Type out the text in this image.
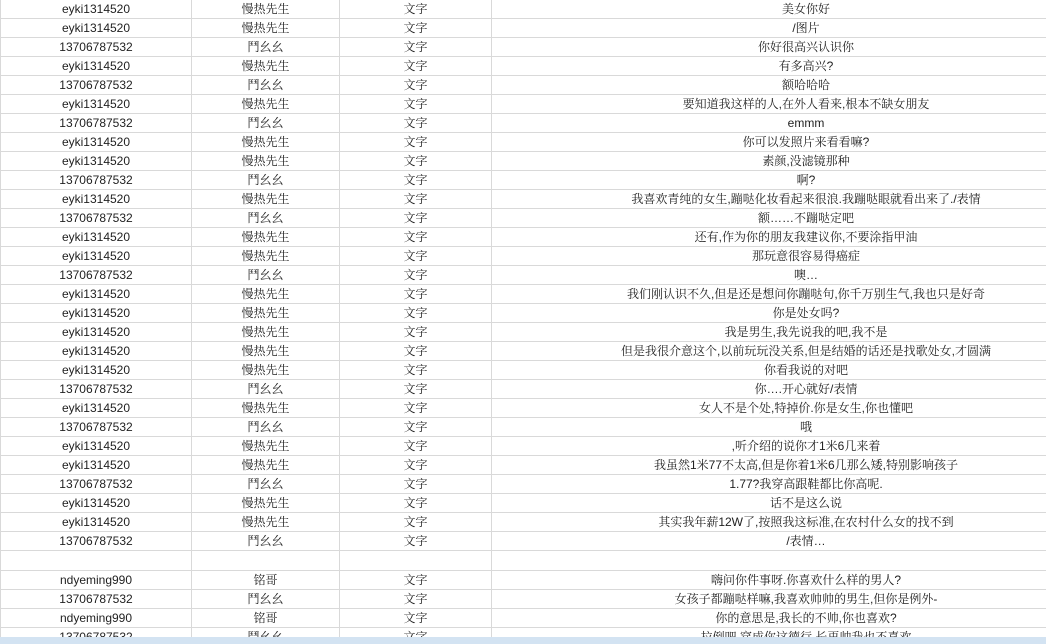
eyki1314520	慢热先生	文字	美女你好
eyki1314520	慢热先生	文字	/图片
13706787532	鬥幺幺	文字	你好很高兴认识你
eyki1314520	慢热先生	文字	有多高兴?
13706787532	鬥幺幺	文字	额哈哈哈
eyki1314520	慢热先生	文字	要知道我这样的人,在外人看来,根本不缺女朋友
13706787532	鬥幺幺	文字	emmm
eyki1314520	慢热先生	文字	你可以发照片来看看嘛?
eyki1314520	慢热先生	文字	素颜,没滤镜那种
13706787532	鬥幺幺	文字	啊?
eyki1314520	慢热先生	文字	我喜欢青纯的女生,蹦哒化妆看起来很浪.我蹦哒眼就看出来了./表情
13706787532	鬥幺幺	文字	额……不蹦哒定吧
eyki1314520	慢热先生	文字	还有,作为你的朋友我建议你,不要涂指甲油
eyki1314520	慢热先生	文字	那玩意很容易得癌症
13706787532	鬥幺幺	文字	噢…
eyki1314520	慢热先生	文字	我们刚认识不久,但是还是想问你蹦哒句,你千万别生气,我也只是好奇
eyki1314520	慢热先生	文字	你是处女吗?
eyki1314520	慢热先生	文字	我是男生,我先说我的吧,我不是
eyki1314520	慢热先生	文字	但是我很介意这个,以前玩玩没关系,但是结婚的话还是找歌处女,才圆满
eyki1314520	慢热先生	文字	你看我说的对吧
13706787532	鬥幺幺	文字	你….开心就好/表情
eyki1314520	慢热先生	文字	女人不是个处,特掉价.你是女生,你也懂吧
13706787532	鬥幺幺	文字	哦
eyki1314520	慢热先生	文字	,听介绍的说你才1米6几来着
eyki1314520	慢热先生	文字	我虽然1米77不太高,但是你着1米6几那么矮,特别影响孩子
13706787532	鬥幺幺	文字	1.77?我穿高跟鞋都比你高呢.
eyki1314520	慢热先生	文字	话不是这么说
eyki1314520	慢热先生	文字	其实我年薪12W了,按照我这标准,在农村什么女的找不到
13706787532	鬥幺幺	文字	/表情…
ndyeming990	铭哥	文字	嗨问你件事呀.你喜欢什么样的男人?
13706787532	鬥幺幺	文字	女孩子都蹦哒样嘛,我喜欢帅帅的男生,但你是例外-
ndyeming990	铭哥	文字	你的意思是,我长的不帅,你也喜欢?
